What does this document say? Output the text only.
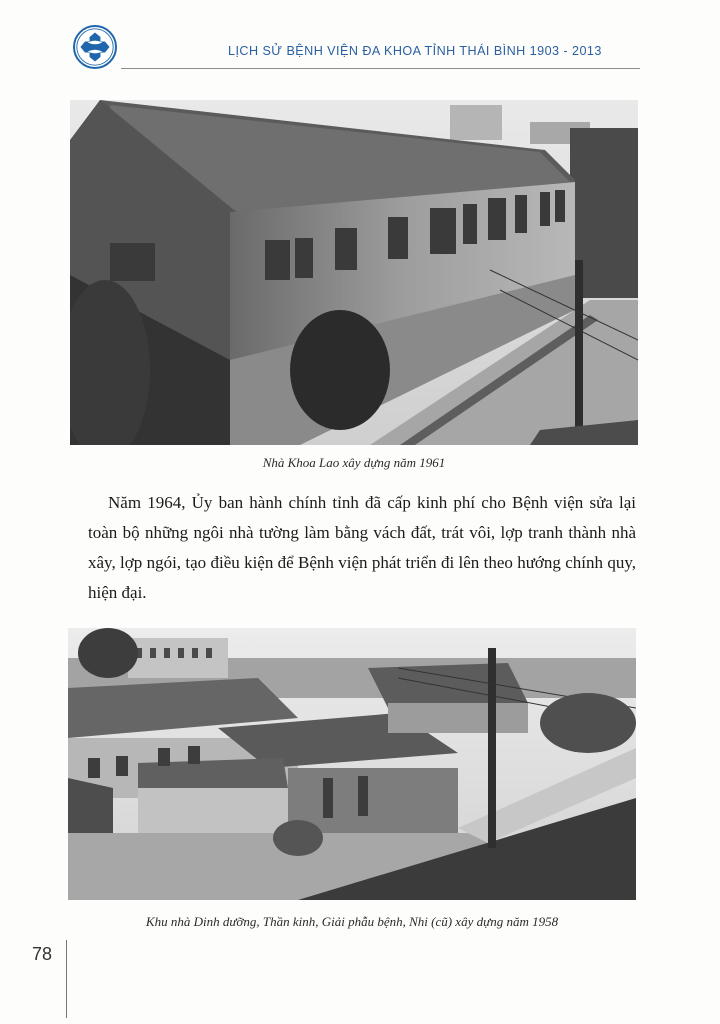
LỊCH SỬ BỆNH VIỆN ĐA KHOA TỈNH THÁI BÌNH 1903 - 2013
Nhà Khoa Lao xây dựng năm 1961

Năm 1964, Ủy ban hành chính tỉnh đã cấp kinh phí cho Bệnh viện sửa lại toàn bộ những ngôi nhà tường làm bằng vách đất, trát vôi, lợp tranh thành nhà xây, lợp ngói, tạo điều kiện để Bệnh viện phát triển đi lên theo hướng chính quy, hiện đại.

Khu nhà Dinh dưỡng, Thần kinh, Giải phẫu bệnh, Nhi (cũ) xây dựng năm 1958
78
